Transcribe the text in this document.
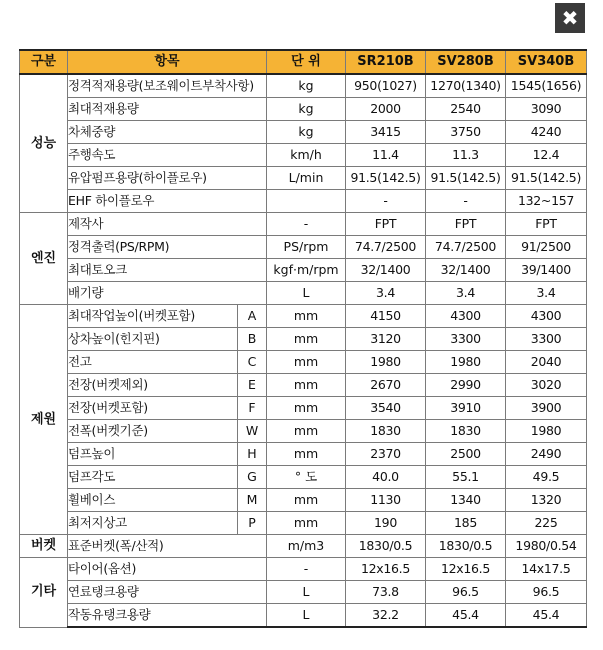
✖
구분	항목		단 위	SR210B	SV280B	SV340B
성능	정격적재용량(보조웨이트부착사항)		kg	950(1027)	1270(1340)	1545(1656)
	최대적재용량		kg	2000	2540	3090
	차체중량		kg	3415	3750	4240
	주행속도		km/h	11.4	11.3	12.4
	유압펌프용량(하이플로우)		L/min	91.5(142.5)	91.5(142.5)	91.5(142.5)
	EHF 하이플로우			-	-	132~157
엔진	제작사		-	FPT	FPT	FPT
	정격출력(PS/RPM)		PS/rpm	74.7/2500	74.7/2500	91/2500
	최대토오크		kgf·m/rpm	32/1400	32/1400	39/1400
	배기량		L	3.4	3.4	3.4
제원	최대작업높이(버켓포함)	A	mm	4150	4300	4300
	상차높이(힌지핀)	B	mm	3120	3300	3300
	전고	C	mm	1980	1980	2040
	전장(버켓제외)	E	mm	2670	2990	3020
	전장(버켓포함)	F	mm	3540	3910	3900
	전폭(버켓기준)	W	mm	1830	1830	1980
	덤프높이	H	mm	2370	2500	2490
	덤프각도	G	° 도	40.0	55.1	49.5
	휠베이스	M	mm	1130	1340	1320
	최저지상고	P	mm	190	185	225
버켓	표준버켓(폭/산적)		m/m3	1830/0.5	1830/0.5	1980/0.54
기타	타이어(옵션)		-	12x16.5	12x16.5	14x17.5
	연료탱크용량		L	73.8	96.5	96.5
	작동유탱크용량		L	32.2	45.4	45.4
